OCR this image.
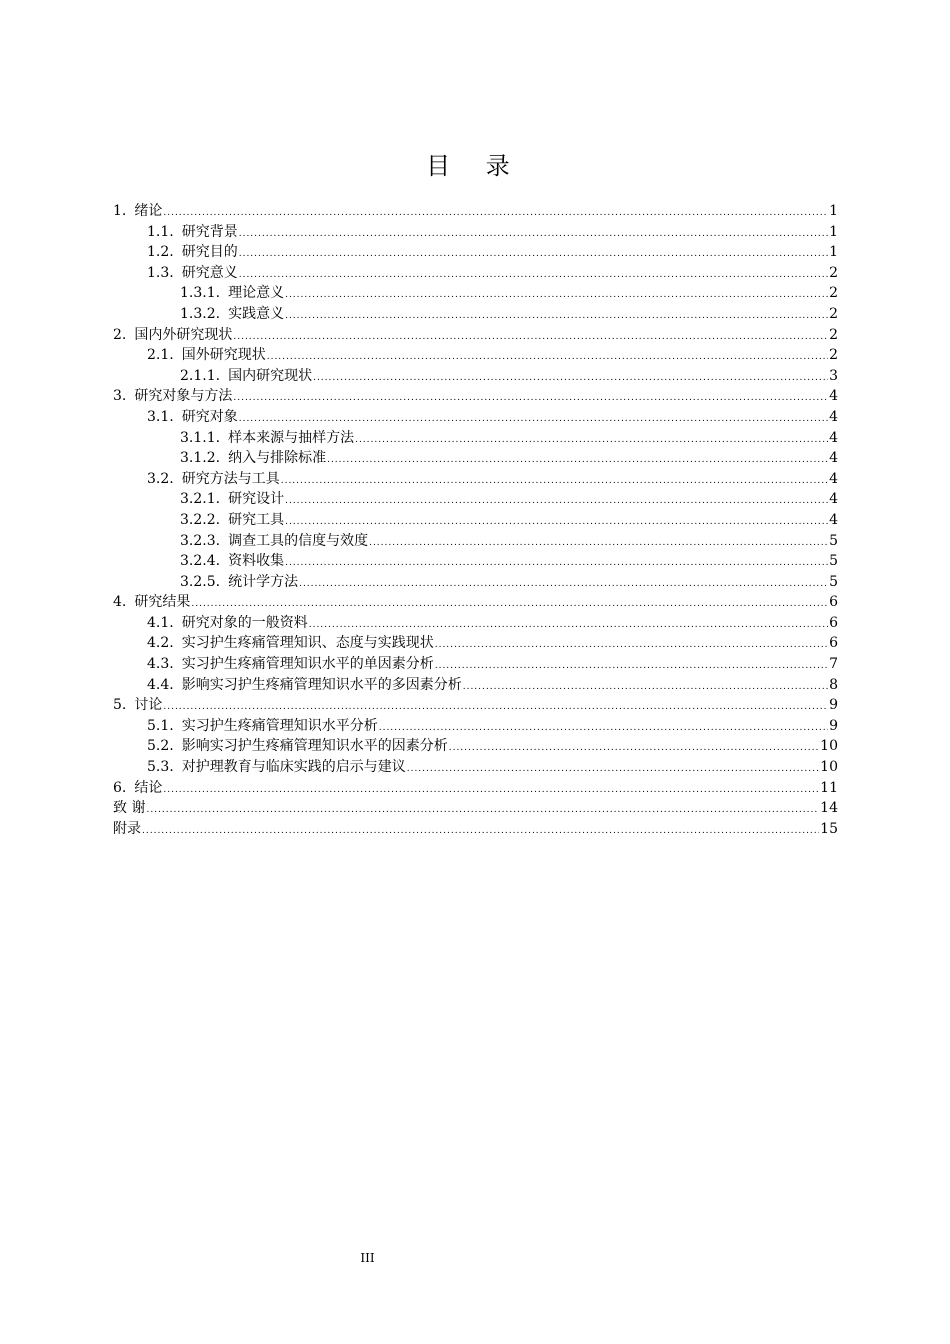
目 录
1. 绪论 .....	1
1.1. 研究背景 .....	1
1.2. 研究目的 .....	1
1.3. 研究意义 .....	2
1.3.1. 理论意义 .....	2
1.3.2. 实践意义 .....	2
2. 国内外研究现状 .....	2
2.1. 国外研究现状 .....	2
2.1.1. 国内研究现状 .....	3
3. 研究对象与方法 .....	4
3.1. 研究对象 .....	4
3.1.1. 样本来源与抽样方法 .....	4
3.1.2. 纳入与排除标准 .....	4
3.2. 研究方法与工具 .....	4
3.2.1. 研究设计 .....	4
3.2.2. 研究工具 .....	4
3.2.3. 调查工具的信度与效度 .....	5
3.2.4. 资料收集 .....	5
3.2.5. 统计学方法 .....	5
4. 研究结果 .....	6
4.1. 研究对象的一般资料 .....	6
4.2. 实习护生疼痛管理知识、态度与实践现状 .....	6
4.3. 实习护生疼痛管理知识水平的单因素分析 .....	7
4.4. 影响实习护生疼痛管理知识水平的多因素分析 .....	8
5. 讨论 .....	9
5.1. 实习护生疼痛管理知识水平分析 .....	9
5.2. 影响实习护生疼痛管理知识水平的因素分析 .....	10
5.3. 对护理教育与临床实践的启示与建议 .....	10
6. 结论 .....	11
致 谢 .....	14
附录 .....	15
III
